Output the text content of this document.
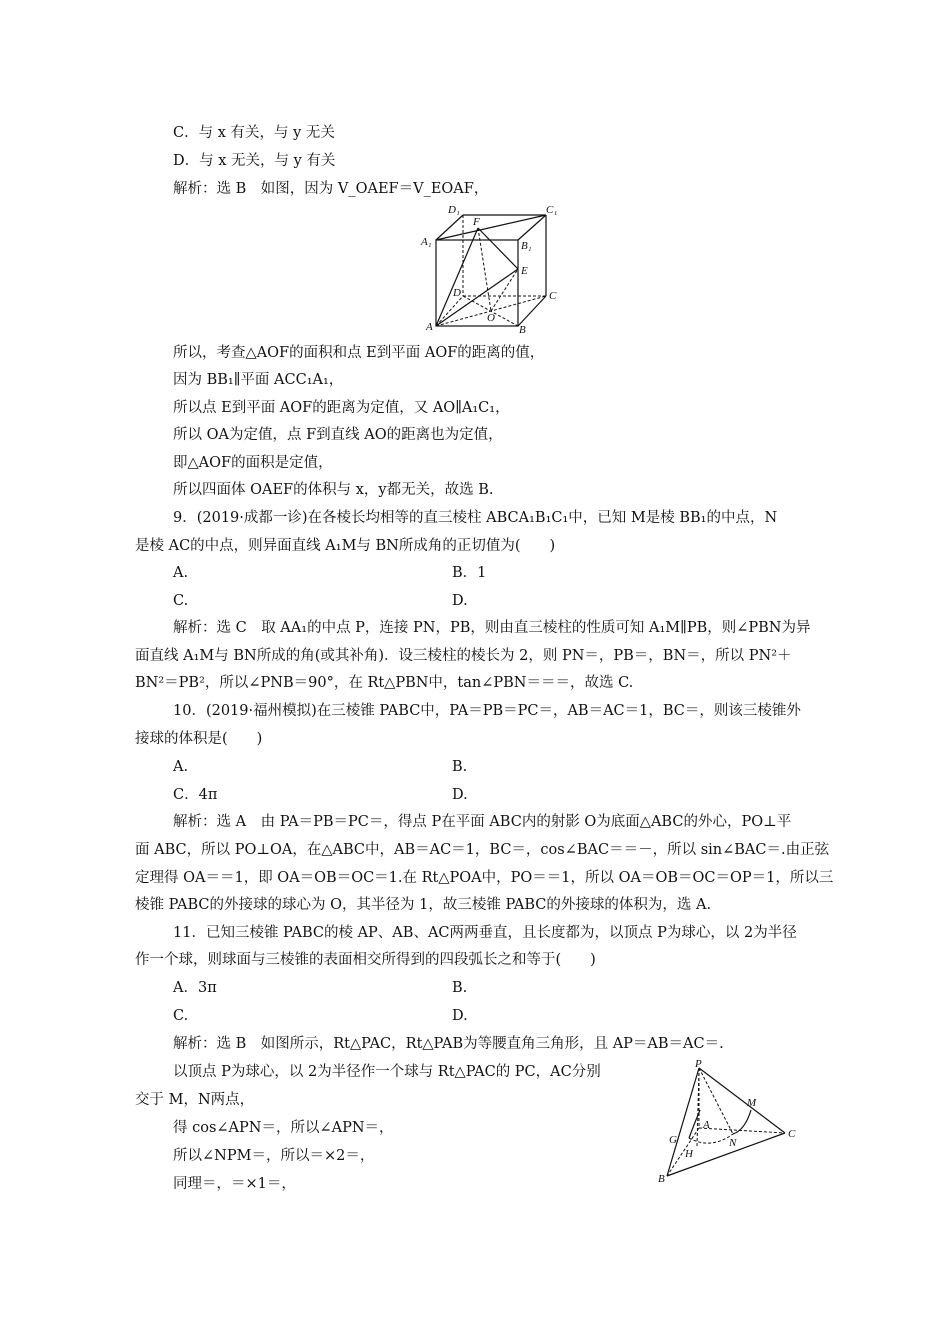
C．与 x 有关，与 y 无关
D．与 x 无关，与 y 有关
解析：选 B　如图，因为 V_OAEF＝V_EOAF，
D₁
F
C₁
A₁	B₁
E
D	C
A
O
B
所以，考查△AOF的面积和点 E到平面 AOF的距离的值，
因为 BB₁∥平面 ACC₁A₁，
所以点 E到平面 AOF的距离为定值，又 AO∥A₁C₁，
所以 OA为定值，点 F到直线 AO的距离也为定值，
即△AOF的面积是定值，
所以四面体 OAEF的体积与 x，y都无关，故选 B.
9．(2019·成都一诊)在各棱长均相等的直三棱柱 ABCA₁B₁C₁中，已知 M是棱 BB₁的中点，N
是棱 AC的中点，则异面直线 A₁M与 BN所成角的正切值为(　　)
A.	B．1
C.	D.
解析：选 C　取 AA₁的中点 P，连接 PN，PB，则由直三棱柱的性质可知 A₁M∥PB，则∠PBN为异
面直线 A₁M与 BN所成的角(或其补角)．设三棱柱的棱长为 2，则 PN＝，PB＝，BN＝，所以 PN²＋
BN²＝PB²，所以∠PNB＝90°，在 Rt△PBN中，tan∠PBN＝＝＝，故选 C.
10．(2019·福州模拟)在三棱锥 PABC中，PA＝PB＝PC＝，AB＝AC＝1，BC＝，则该三棱锥外
接球的体积是(　　)
A.	B.
C．4π	D.
解析：选 A　由 PA＝PB＝PC＝，得点 P在平面 ABC内的射影 O为底面△ABC的外心，PO⊥平
面 ABC，所以 PO⊥OA，在△ABC中，AB＝AC＝1，BC＝，cos∠BAC＝＝－，所以 sin∠BAC＝.由正弦
定理得 OA＝＝1，即 OA＝OB＝OC＝1.在 Rt△POA中，PO＝＝1，所以 OA＝OB＝OC＝OP＝1，所以三
棱锥 PABC的外接球的球心为 O，其半径为 1，故三棱锥 PABC的外接球的体积为，选 A.
11．已知三棱锥 PABC的棱 AP、AB、AC两两垂直，且长度都为，以顶点 P为球心，以 2为半径
作一个球，则球面与三棱锥的表面相交所得到的四段弧长之和等于(　　)
A．3π	B.
C.	D.
解析：选 B　如图所示，Rt△PAC，Rt△PAB为等腰直角三角形，且 AP＝AB＝AC＝.
以顶点 P为球心，以 2为半径作一个球与 Rt△PAC的 PC，AC分别
交于 M，N两点，
得 cos∠APN＝，所以∠APN＝，
所以∠NPM＝，所以＝×2＝，
同理＝，＝×1＝，
P
M
A
N
C
G
H
B
